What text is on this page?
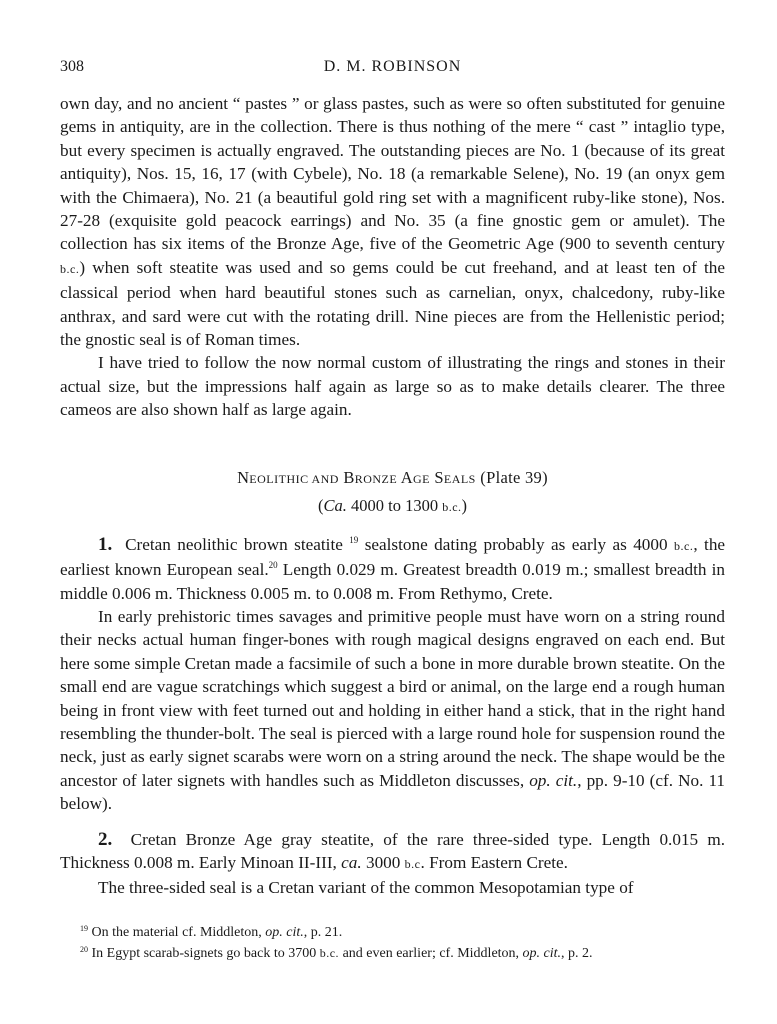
308	D. M. ROBINSON

own day, and no ancient “ pastes ” or glass pastes, such as were so often substituted for genuine gems in antiquity, are in the collection. There is thus nothing of the mere “ cast ” intaglio type, but every specimen is actually engraved. The outstanding pieces are No. 1 (because of its great antiquity), Nos. 15, 16, 17 (with Cybele), No. 18 (a remarkable Selene), No. 19 (an onyx gem with the Chimaera), No. 21 (a beautiful gold ring set with a magnificent ruby-like stone), Nos. 27-28 (exquisite gold peacock earrings) and No. 35 (a fine gnostic gem or amulet). The collection has six items of the Bronze Age, five of the Geometric Age (900 to seventh century b.c.) when soft steatite was used and so gems could be cut freehand, and at least ten of the classical period when hard beautiful stones such as carnelian, onyx, chalcedony, ruby-like anthrax, and sard were cut with the rotating drill. Nine pieces are from the Hellenistic period; the gnostic seal is of Roman times.

I have tried to follow the now normal custom of illustrating the rings and stones in their actual size, but the impressions half again as large so as to make details clearer. The three cameos are also shown half as large again.

NEOLITHIC AND BRONZE AGE SEALS (Plate 39)
(Ca. 4000 to 1300 b.c.)

1. Cretan neolithic brown steatite $^{19}$ sealstone dating probably as early as 4000 b.c., the earliest known European seal.$^{20}$ Length 0.029 m. Greatest breadth 0.019 m.; smallest breadth in middle 0.006 m. Thickness 0.005 m. to 0.008 m. From Rethymo, Crete.

In early prehistoric times savages and primitive people must have worn on a string round their necks actual human finger-bones with rough magical designs engraved on each end. But here some simple Cretan made a facsimile of such a bone in more durable brown steatite. On the small end are vague scratchings which suggest a bird or animal, on the large end a rough human being in front view with feet turned out and holding in either hand a stick, that in the right hand resembling the thunder-bolt. The seal is pierced with a large round hole for suspension round the neck, just as early signet scarabs were worn on a string around the neck. The shape would be the ancestor of later signets with handles such as Middleton discusses, op. cit., pp. 9-10 (cf. No. 11 below).

2. Cretan Bronze Age gray steatite, of the rare three-sided type. Length 0.015 m. Thickness 0.008 m. Early Minoan II-III, ca. 3000 b.c. From Eastern Crete.

The three-sided seal is a Cretan variant of the common Mesopotamian type of

$^{19}$ On the material cf. Middleton, op. cit., p. 21.
$^{20}$ In Egypt scarab-signets go back to 3700 b.c. and even earlier; cf. Middleton, op. cit., p. 2.
